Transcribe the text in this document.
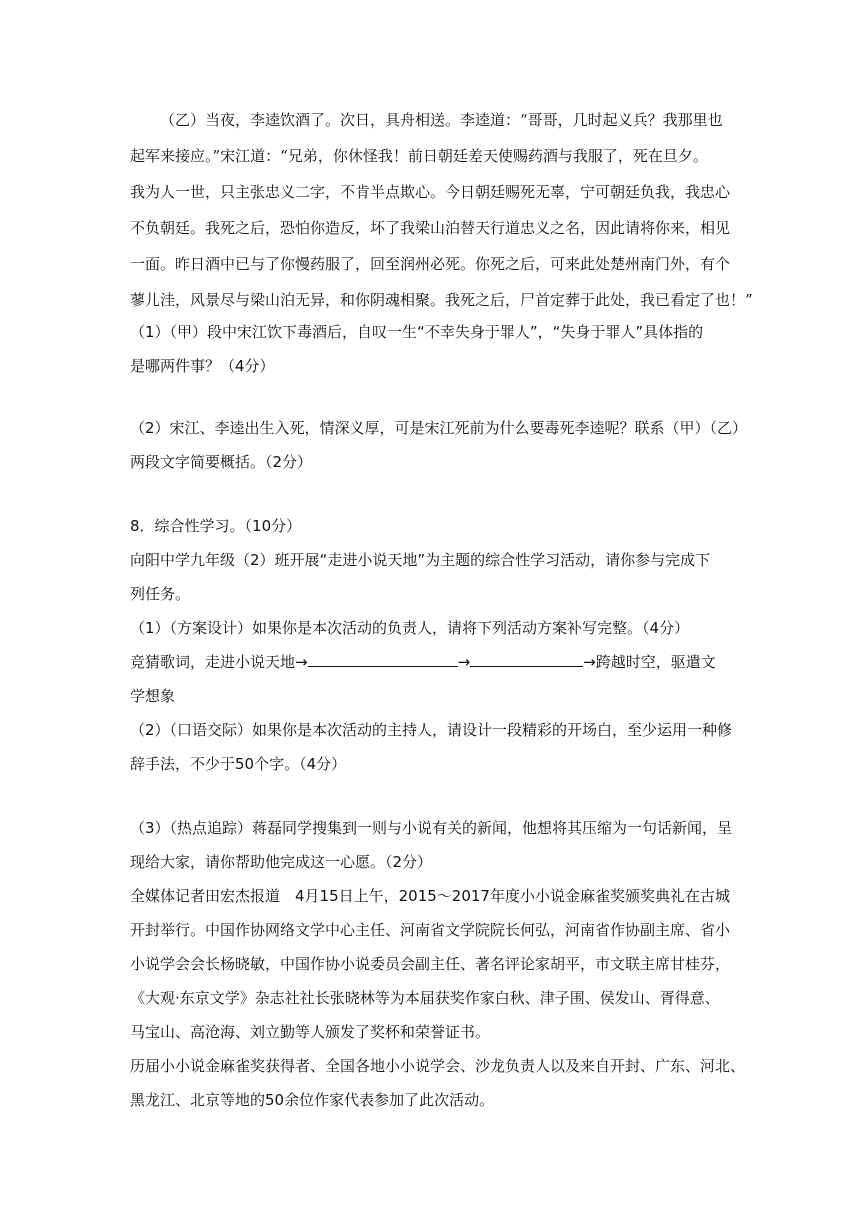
（乙）当夜，李逵饮酒了。次日，具舟相送。李逵道：“哥哥，几时起义兵？我那里也
起军来接应。”宋江道：“兄弟，你休怪我！前日朝廷差天使赐药酒与我服了，死在旦夕。
我为人一世，只主张忠义二字，不肯半点欺心。今日朝廷赐死无辜，宁可朝廷负我，我忠心
不负朝廷。我死之后，恐怕你造反，坏了我梁山泊替天行道忠义之名，因此请将你来，相见
一面。昨日酒中已与了你慢药服了，回至润州必死。你死之后，可来此处楚州南门外，有个
蓼儿洼，风景尽与梁山泊无异，和你阴魂相聚。我死之后，尸首定葬于此处，我已看定了也！”
（1）（甲）段中宋江饮下毒酒后，自叹一生“不幸失身于罪人”，“失身于罪人”具体指的
是哪两件事？（4分）
（2）宋江、李逵出生入死，情深义厚，可是宋江死前为什么要毒死李逵呢？联系（甲）（乙）
两段文字简要概括。（2分）
8．综合性学习。（10分）
向阳中学九年级（2）班开展“走进小说天地”为主题的综合性学习活动，请你参与完成下
列任务。
（1）（方案设计）如果你是本次活动的负责人，请将下列活动方案补写完整。（4分）
竞猜歌词，走进小说天地→	→	→跨越时空，驱遣文
学想象
（2）（口语交际）如果你是本次活动的主持人，请设计一段精彩的开场白，至少运用一种修
辞手法，不少于50个字。（4分）
（3）（热点追踪）蒋磊同学搜集到一则与小说有关的新闻，他想将其压缩为一句话新闻，呈
现给大家，请你帮助他完成这一心愿。（2分）
全媒体记者田宏杰报道　4月15日上午，2015～2017年度小小说金麻雀奖颁奖典礼在古城
开封举行。中国作协网络文学中心主任、河南省文学院院长何弘，河南省作协副主席、省小
小说学会会长杨晓敏，中国作协小说委员会副主任、著名评论家胡平，市文联主席甘桂芬，
《大观·东京文学》杂志社社长张晓林等为本届获奖作家白秋、津子围、侯发山、胥得意、
马宝山、高沧海、刘立勤等人颁发了奖杯和荣誉证书。
历届小小说金麻雀奖获得者、全国各地小小说学会、沙龙负责人以及来自开封、广东、河北、
黑龙江、北京等地的50余位作家代表参加了此次活动。
